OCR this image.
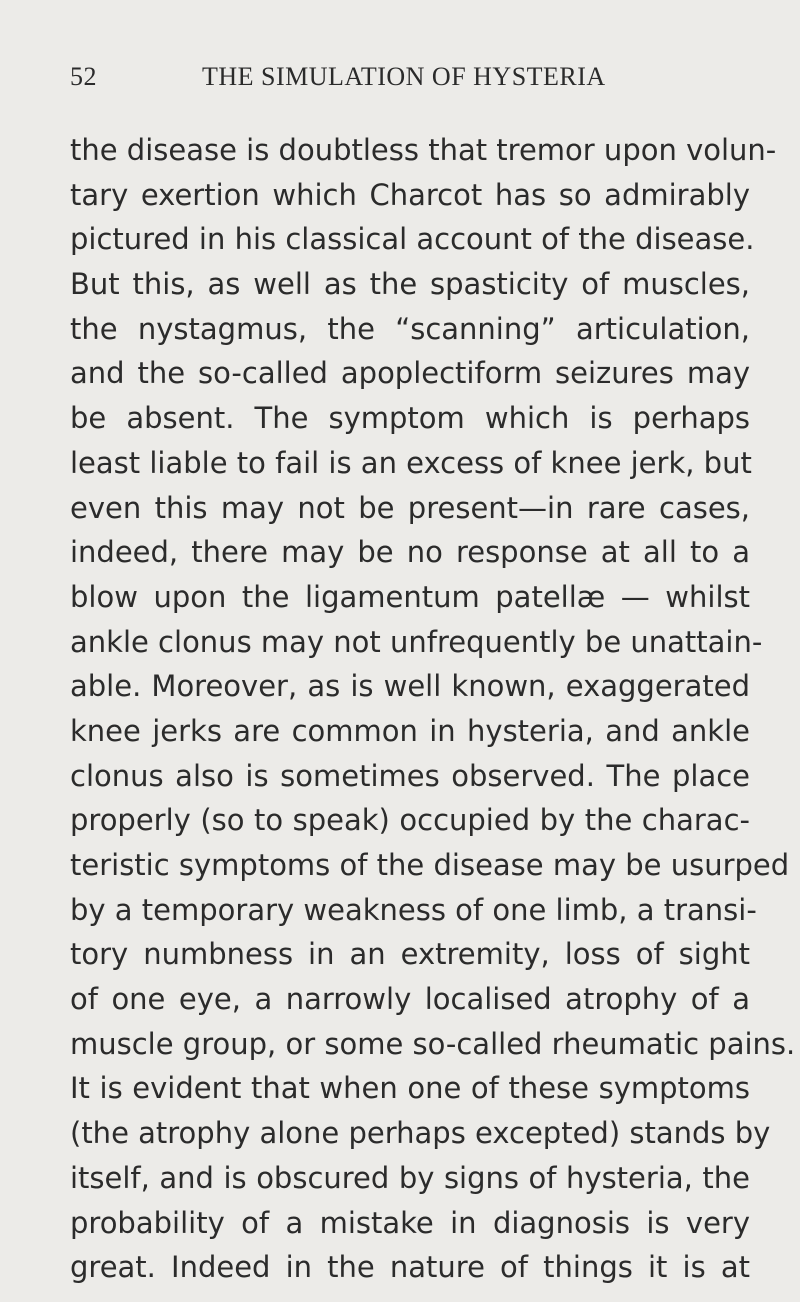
52	THE SIMULATION OF HYSTERIA
the disease is doubtless that tremor upon volun-
tary exertion which Charcot has so admirably
pictured in his classical account of the disease.
But this, as well as the spasticity of muscles,
the nystagmus, the “scanning” articulation,
and the so-called apoplectiform seizures may
be absent. The symptom which is perhaps
least liable to fail is an excess of knee jerk, but
even this may not be present—in rare cases,
indeed, there may be no response at all to a
blow upon the ligamentum patellæ — whilst
ankle clonus may not unfrequently be unattain-
able. Moreover, as is well known, exaggerated
knee jerks are common in hysteria, and ankle
clonus also is sometimes observed. The place
properly (so to speak) occupied by the charac-
teristic symptoms of the disease may be usurped
by a temporary weakness of one limb, a transi-
tory numbness in an extremity, loss of sight
of one eye, a narrowly localised atrophy of a
muscle group, or some so-called rheumatic pains.
It is evident that when one of these symptoms
(the atrophy alone perhaps excepted) stands by
itself, and is obscured by signs of hysteria, the
probability of a mistake in diagnosis is very
great. Indeed in the nature of things it is at
